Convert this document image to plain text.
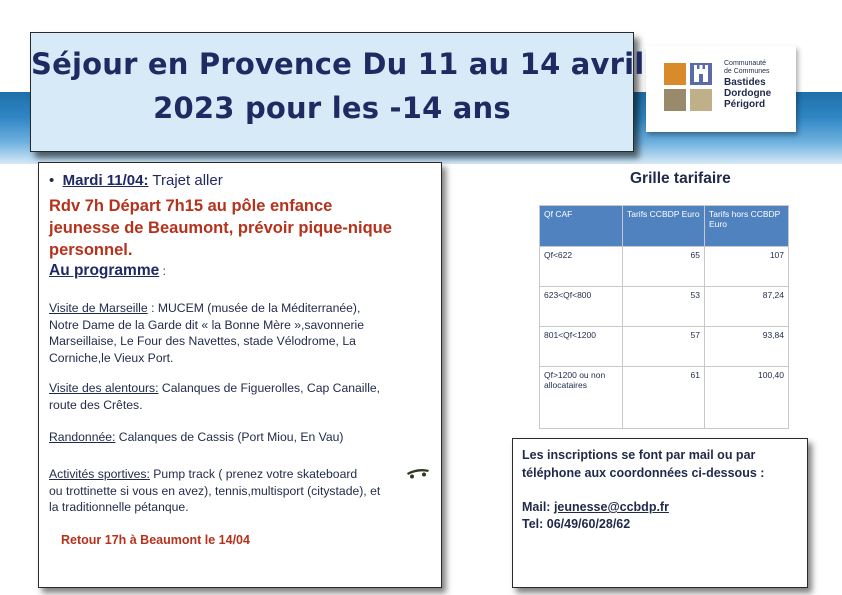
Séjour en Provence Du 11 au 14 avril
2023 pour les -14 ans
Communauté
de Communes
Bastides
Dordogne
Périgord
• Mardi 11/04: Trajet aller
Rdv 7h Départ 7h15 au pôle enfance
jeunesse de Beaumont, prévoir pique-nique
personnel.
Au programme :
Visite de Marseille : MUCEM (musée de la Méditerranée),
Notre Dame de la Garde dit « la Bonne Mère »,savonnerie
Marseillaise, Le Four des Navettes, stade Vélodrome, La
Corniche,le Vieux Port.
Visite des alentours: Calanques de Figuerolles, Cap Canaille,
route des Crêtes.
Randonnée: Calanques de Cassis (Port Miou, En Vau)
Activités sportives: Pump track ( prenez votre skateboard
ou trottinette si vous en avez), tennis,multisport (citystade), et
la traditionnelle pétanque.
Retour 17h à Beaumont le 14/04
Grille tarifaire
Qf CAF	Tarifs CCBDP Euro	Tarifs hors CCBDP Euro
Qf<622	65	107
623<Qf<800	53	87,24
801<Qf<1200	57	93,84
Qf>1200 ou non allocataires	61	100,40
Les inscriptions se font par mail ou par
téléphone aux coordonnées ci-dessous :
Mail: jeunesse@ccbdp.fr
Tel: 06/49/60/28/62
